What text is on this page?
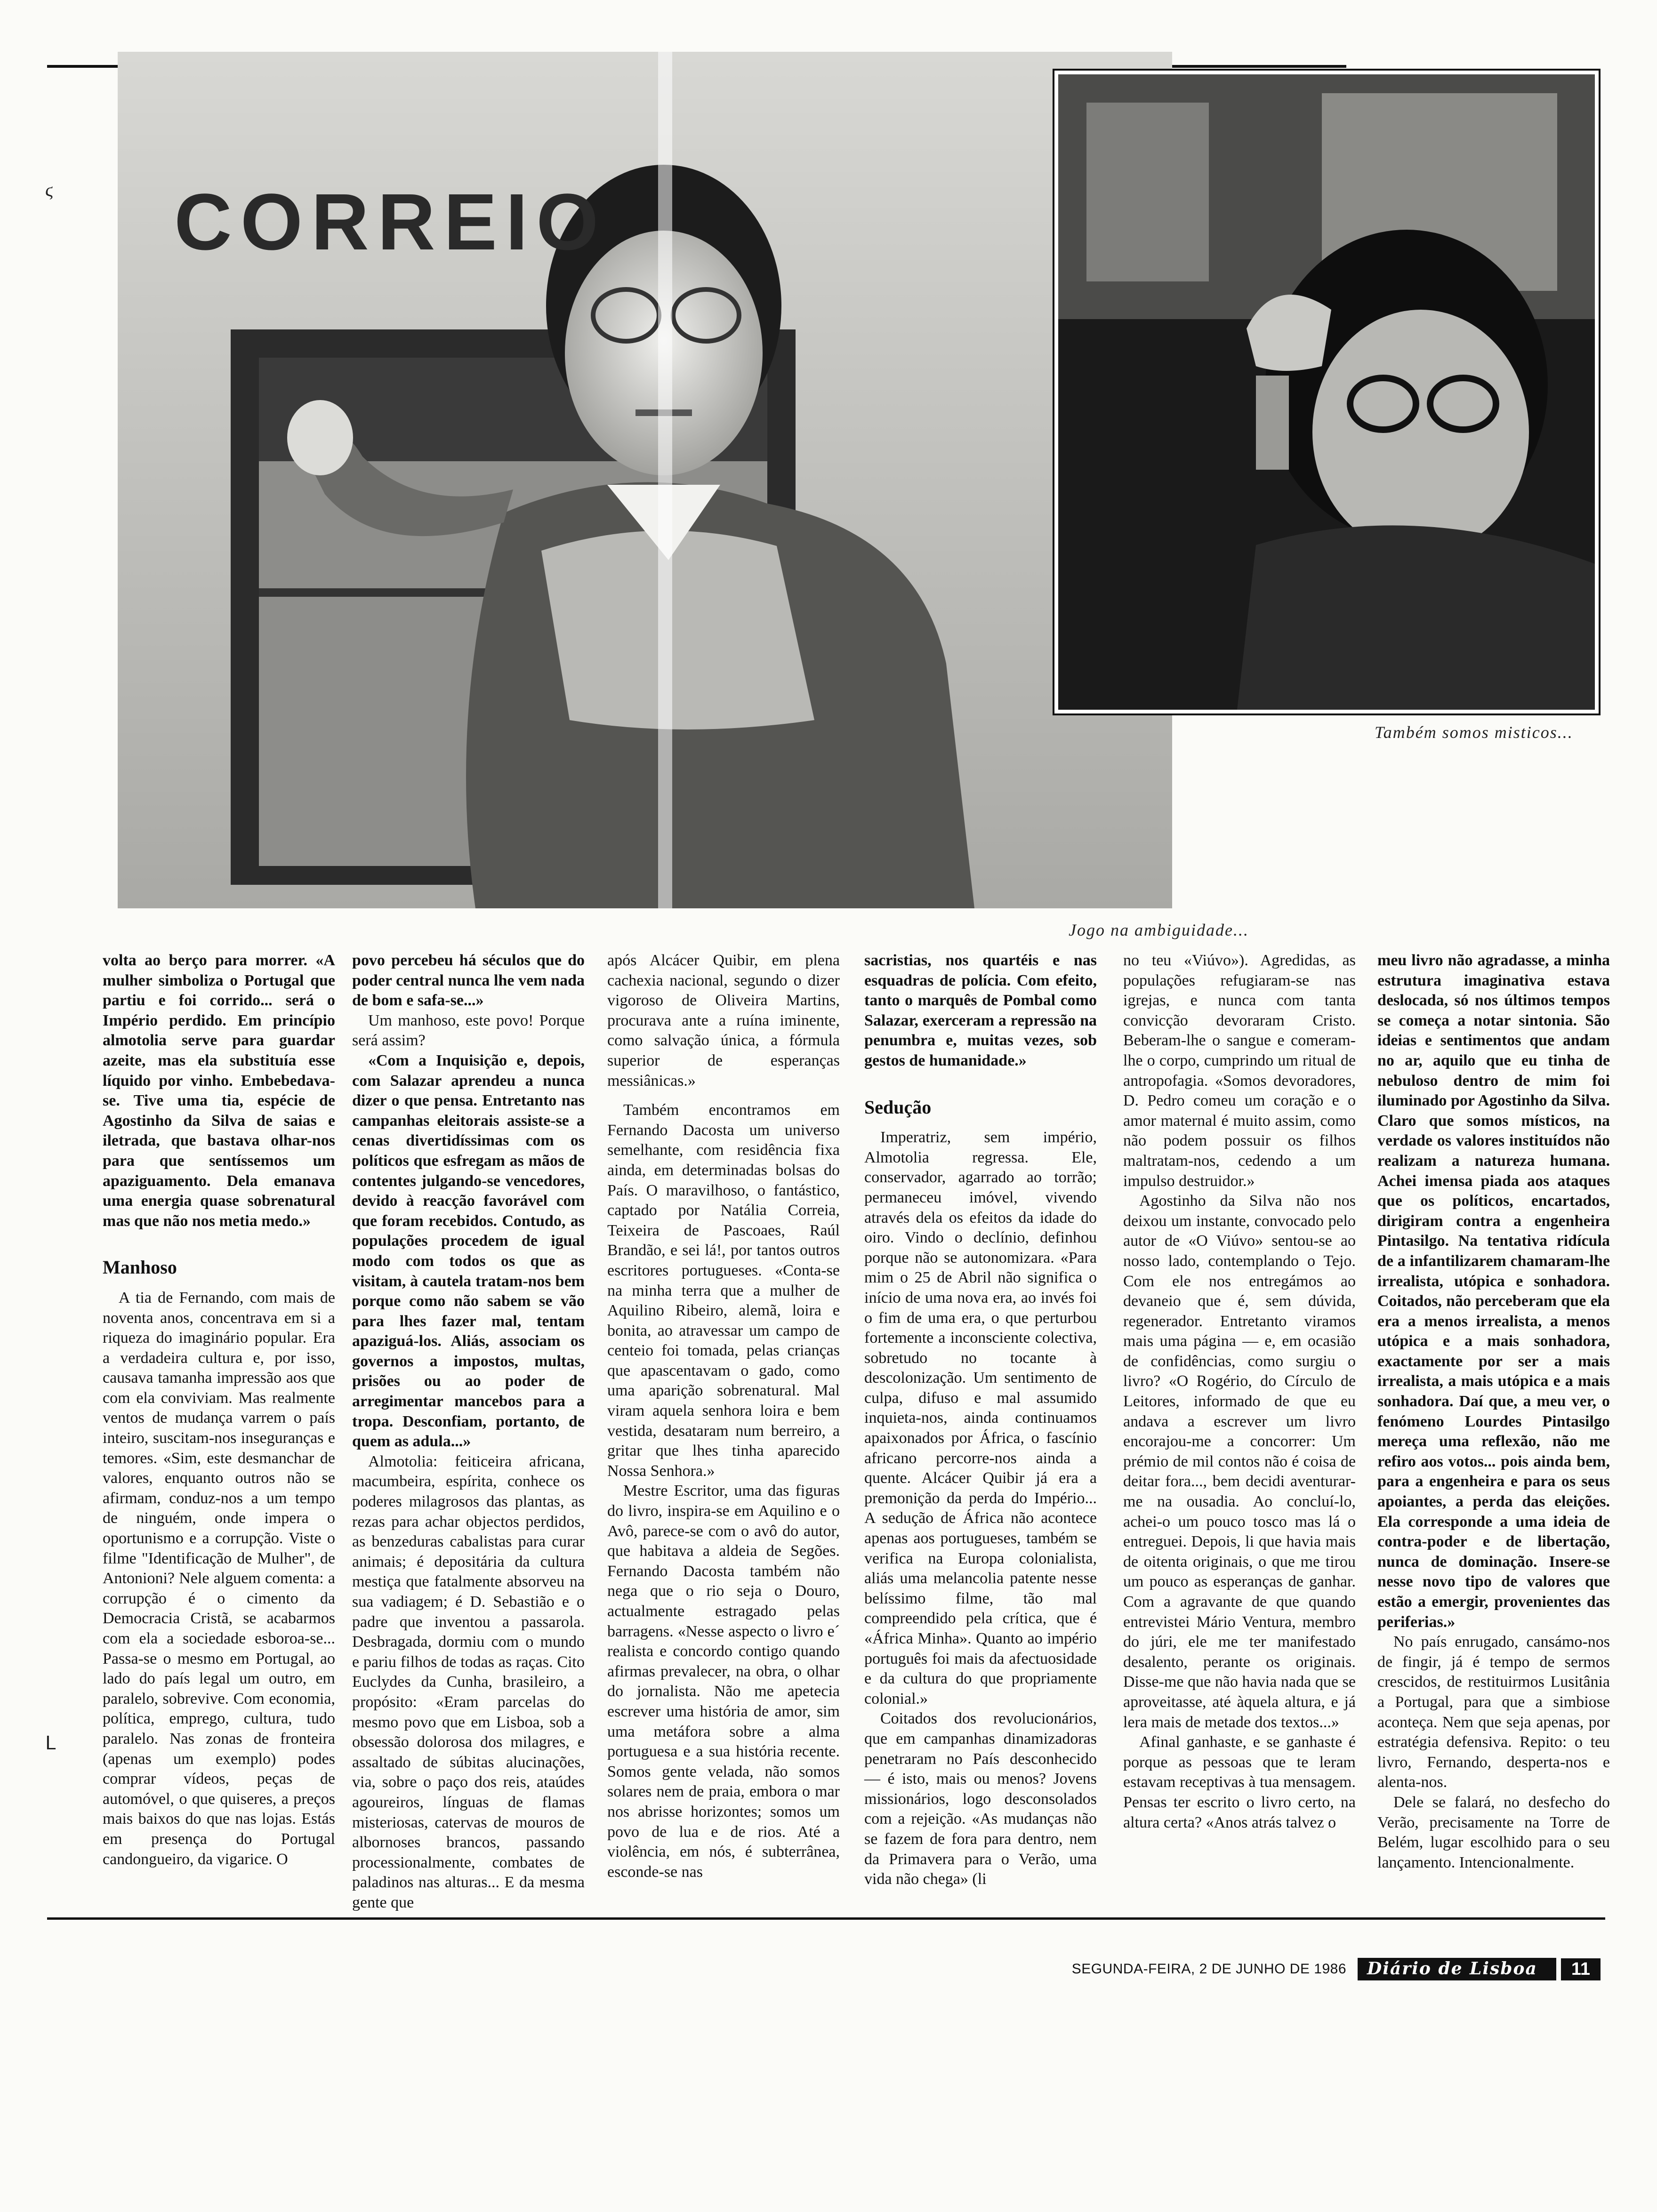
ϛ
ᒪ
CORREIO
Também somos misticos...
Jogo na ambiguidade...

volta ao berço para morrer. «A mulher simboliza o Portugal que partiu e foi corrido... será o Império perdido. Em princípio almotolia serve para guardar azeite, mas ela substituía esse líquido por vinho. Embebedava-se. Tive uma tia, espécie de Agostinho da Silva de saias e iletrada, que bastava olhar-nos para que sentíssemos um apaziguamento. Dela emanava uma energia quase sobrenatural mas que não nos metia medo.»

Manhoso

A tia de Fernando, com mais de noventa anos, concentrava em si a riqueza do imaginário popular. Era a verdadeira cultura e, por isso, causava tamanha impressão aos que com ela conviviam. Mas realmente ventos de mudança varrem o país inteiro, suscitam-nos inseguranças e temores. «Sim, este desmanchar de valores, enquanto outros não se afirmam, conduz-nos a um tempo de ninguém, onde impera o oportunismo e a corrupção. Viste o filme "Identificação de Mulher", de Antonioni? Nele alguem comenta: a corrupção é o cimento da Democracia Cristã, se acabarmos com ela a sociedade esboroa-se... Passa-se o mesmo em Portugal, ao lado do país legal um outro, em paralelo, sobrevive. Com economia, política, emprego, cultura, tudo paralelo. Nas zonas de fronteira (apenas um exemplo) podes comprar vídeos, peças de automóvel, o que quiseres, a preços mais baixos do que nas lojas. Estás em presença do Portugal candongueiro, da vigarice. O

povo percebeu há séculos que do poder central nunca lhe vem nada de bom e safa-se...»

Um manhoso, este povo! Porque será assim?

«Com a Inquisição e, depois, com Salazar aprendeu a nunca dizer o que pensa. Entretanto nas campanhas eleitorais assiste-se a cenas divertidíssimas com os políticos que esfregam as mãos de contentes julgando-se vencedores, devido à reacção favorável com que foram recebidos. Contudo, as populações procedem de igual modo com todos os que as visitam, à cautela tratam-nos bem porque como não sabem se vão para lhes fazer mal, tentam apaziguá-los. Aliás, associam os governos a impostos, multas, prisões ou ao poder de arregimentar mancebos para a tropa. Desconfiam, portanto, de quem as adula...»

Almotolia: feiticeira africana, macumbeira, espírita, conhece os poderes milagrosos das plantas, as rezas para achar objectos perdidos, as benzeduras cabalistas para curar animais; é depositária da cultura mestiça que fatalmente absorveu na sua vadiagem; é D. Sebastião e o padre que inventou a passarola. Desbragada, dormiu com o mundo e pariu filhos de todas as raças. Cito Euclydes da Cunha, brasileiro, a propósito: «Eram parcelas do mesmo povo que em Lisboa, sob a obsessão dolorosa dos milagres, e assaltado de súbitas alucinações, via, sobre o paço dos reis, ataúdes agoureiros, línguas de flamas misteriosas, catervas de mouros de albornoses brancos, passando processionalmente, combates de paladinos nas alturas... E da mesma gente que

após Alcácer Quibir, em plena cachexia nacional, segundo o dizer vigoroso de Oliveira Martins, procurava ante a ruína iminente, como salvação única, a fórmula superior de esperanças messiânicas.»

Também encontramos em Fernando Dacosta um universo semelhante, com residência fixa ainda, em determinadas bolsas do País. O maravilhoso, o fantástico, captado por Natália Correia, Teixeira de Pascoaes, Raúl Brandão, e sei lá!, por tantos outros escritores portugueses. «Conta-se na minha terra que a mulher de Aquilino Ribeiro, alemã, loira e bonita, ao atravessar um campo de centeio foi tomada, pelas crianças que apascentavam o gado, como uma aparição sobrenatural. Mal viram aquela senhora loira e bem vestida, desataram num berreiro, a gritar que lhes tinha aparecido Nossa Senhora.»

Mestre Escritor, uma das figuras do livro, inspira-se em Aquilino e o Avô, parece-se com o avô do autor, que habitava a aldeia de Segões. Fernando Dacosta também não nega que o rio seja o Douro, actualmente estragado pelas barragens. «Nesse aspecto o livro e´ realista e concordo contigo quando afirmas prevalecer, na obra, o olhar do jornalista. Não me apetecia escrever uma história de amor, sim uma metáfora sobre a alma portuguesa e a sua história recente. Somos gente velada, não somos solares nem de praia, embora o mar nos abrisse horizontes; somos um povo de lua e de rios. Até a violência, em nós, é subterrânea, esconde-se nas

sacristias, nos quartéis e nas esquadras de polícia. Com efeito, tanto o marquês de Pombal como Salazar, exerceram a repressão na penumbra e, muitas vezes, sob gestos de humanidade.»

Sedução

Imperatriz, sem império, Almotolia regressa. Ele, conservador, agarrado ao torrão; permaneceu imóvel, vivendo através dela os efeitos da idade do oiro. Vindo o declínio, definhou porque não se autonomizara. «Para mim o 25 de Abril não significa o início de uma nova era, ao invés foi o fim de uma era, o que perturbou fortemente a inconsciente colectiva, sobretudo no tocante à descolonização. Um sentimento de culpa, difuso e mal assumido inquieta-nos, ainda continuamos apaixonados por África, o fascínio africano percorre-nos ainda a quente. Alcácer Quibir já era a premonição da perda do Império... A sedução de África não acontece apenas aos portugueses, também se verifica na Europa colonialista, aliás uma melancolia patente nesse belíssimo filme, tão mal compreendido pela crítica, que é «África Minha». Quanto ao império português foi mais da afectuosidade e da cultura do que propriamente colonial.»

Coitados dos revolucionários, que em campanhas dinamizadoras penetraram no País desconhecido — é isto, mais ou menos? Jovens missionários, logo desconsolados com a rejeição. «As mudanças não se fazem de fora para dentro, nem da Primavera para o Verão, uma vida não chega» (li

no teu «Viúvo»). Agredidas, as populações refugiaram-se nas igrejas, e nunca com tanta convicção devoraram Cristo. Beberam-lhe o sangue e comeram-lhe o corpo, cumprindo um ritual de antropofagia. «Somos devoradores, D. Pedro comeu um coração e o amor maternal é muito assim, como não podem possuir os filhos maltratam-nos, cedendo a um impulso destruidor.»

Agostinho da Silva não nos deixou um instante, convocado pelo autor de «O Viúvo» sentou-se ao nosso lado, contemplando o Tejo. Com ele nos entregámos ao devaneio que é, sem dúvida, regenerador. Entretanto viramos mais uma página — e, em ocasião de confidências, como surgiu o livro? «O Rogério, do Círculo de Leitores, informado de que eu andava a escrever um livro encorajou-me a concorrer: Um prémio de mil contos não é coisa de deitar fora..., bem decidi aventurar-me na ousadia. Ao concluí-lo, achei-o um pouco tosco mas lá o entreguei. Depois, li que havia mais de oitenta originais, o que me tirou um pouco as esperanças de ganhar. Com a agravante de que quando entrevistei Mário Ventura, membro do júri, ele me ter manifestado desalento, perante os originais. Disse-me que não havia nada que se aproveitasse, até àquela altura, e já lera mais de metade dos textos...»

Afinal ganhaste, e se ganhaste é porque as pessoas que te leram estavam receptivas à tua mensagem. Pensas ter escrito o livro certo, na altura certa? «Anos atrás talvez o

meu livro não agradasse, a minha estrutura imaginativa estava deslocada, só nos últimos tempos se começa a notar sintonia. São ideias e sentimentos que andam no ar, aquilo que eu tinha de nebuloso dentro de mim foi iluminado por Agostinho da Silva. Claro que somos místicos, na verdade os valores instituídos não realizam a natureza humana. Achei imensa piada aos ataques que os políticos, encartados, dirigiram contra a engenheira Pintasilgo. Na tentativa ridícula de a infantilizarem chamaram-lhe irrealista, utópica e sonhadora. Coitados, não perceberam que ela era a menos irrealista, a menos utópica e a mais sonhadora, exactamente por ser a mais irrealista, a mais utópica e a mais sonhadora. Daí que, a meu ver, o fenómeno Lourdes Pintasilgo mereça uma reflexão, não me refiro aos votos... pois ainda bem, para a engenheira e para os seus apoiantes, a perda das eleições. Ela corresponde a uma ideia de contra-poder e de libertação, nunca de dominação. Insere-se nesse novo tipo de valores que estão a emergir, provenientes das periferias.»

No país enrugado, cansámo-nos de fingir, já é tempo de sermos crescidos, de restituirmos Lusitânia a Portugal, para que a simbiose aconteça. Nem que seja apenas, por estratégia defensiva. Repito: o teu livro, Fernando, desperta-nos e alenta-nos.

Dele se falará, no desfecho do Verão, precisamente na Torre de Belém, lugar escolhido para o seu lançamento. Intencionalmente.

SEGUNDA-FEIRA, 2 DE JUNHO DE 1986	Diário de Lisboa	11
